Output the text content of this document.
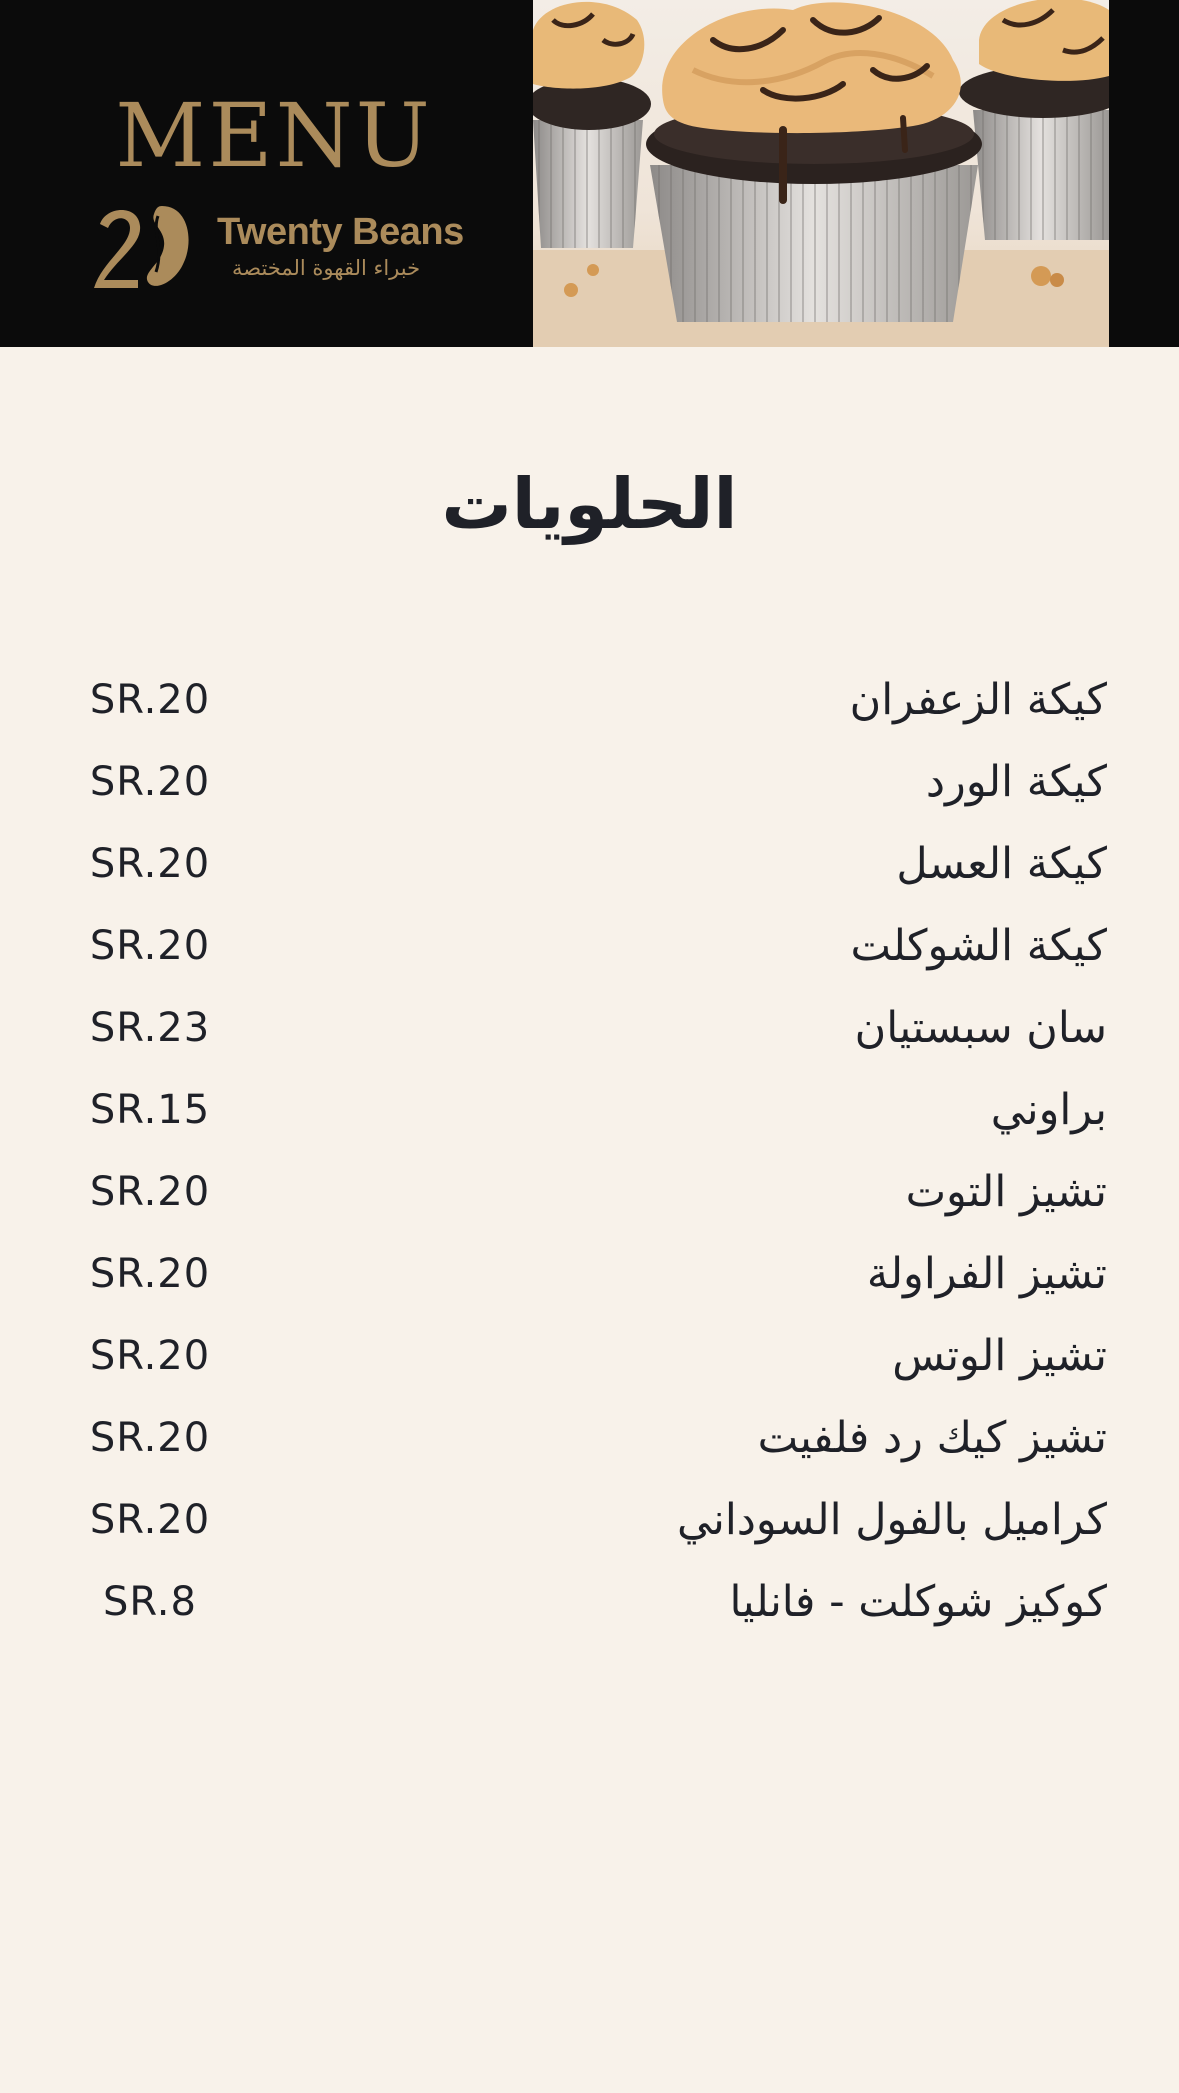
MENU
Twenty Beans
خبراء القهوة المختصة
الحلويات
كيكة الزعفران
SR.20
كيكة الورد
SR.20
كيكة العسل
SR.20
كيكة الشوكلت
SR.20
سان سبستيان
SR.23
براوني
SR.15
تشيز التوت
SR.20
تشيز الفراولة
SR.20
تشيز الوتس
SR.20
تشيز كيك رد فلفيت
SR.20
كراميل بالفول السوداني
SR.20
كوكيز شوكلت - فانليا
SR.8
